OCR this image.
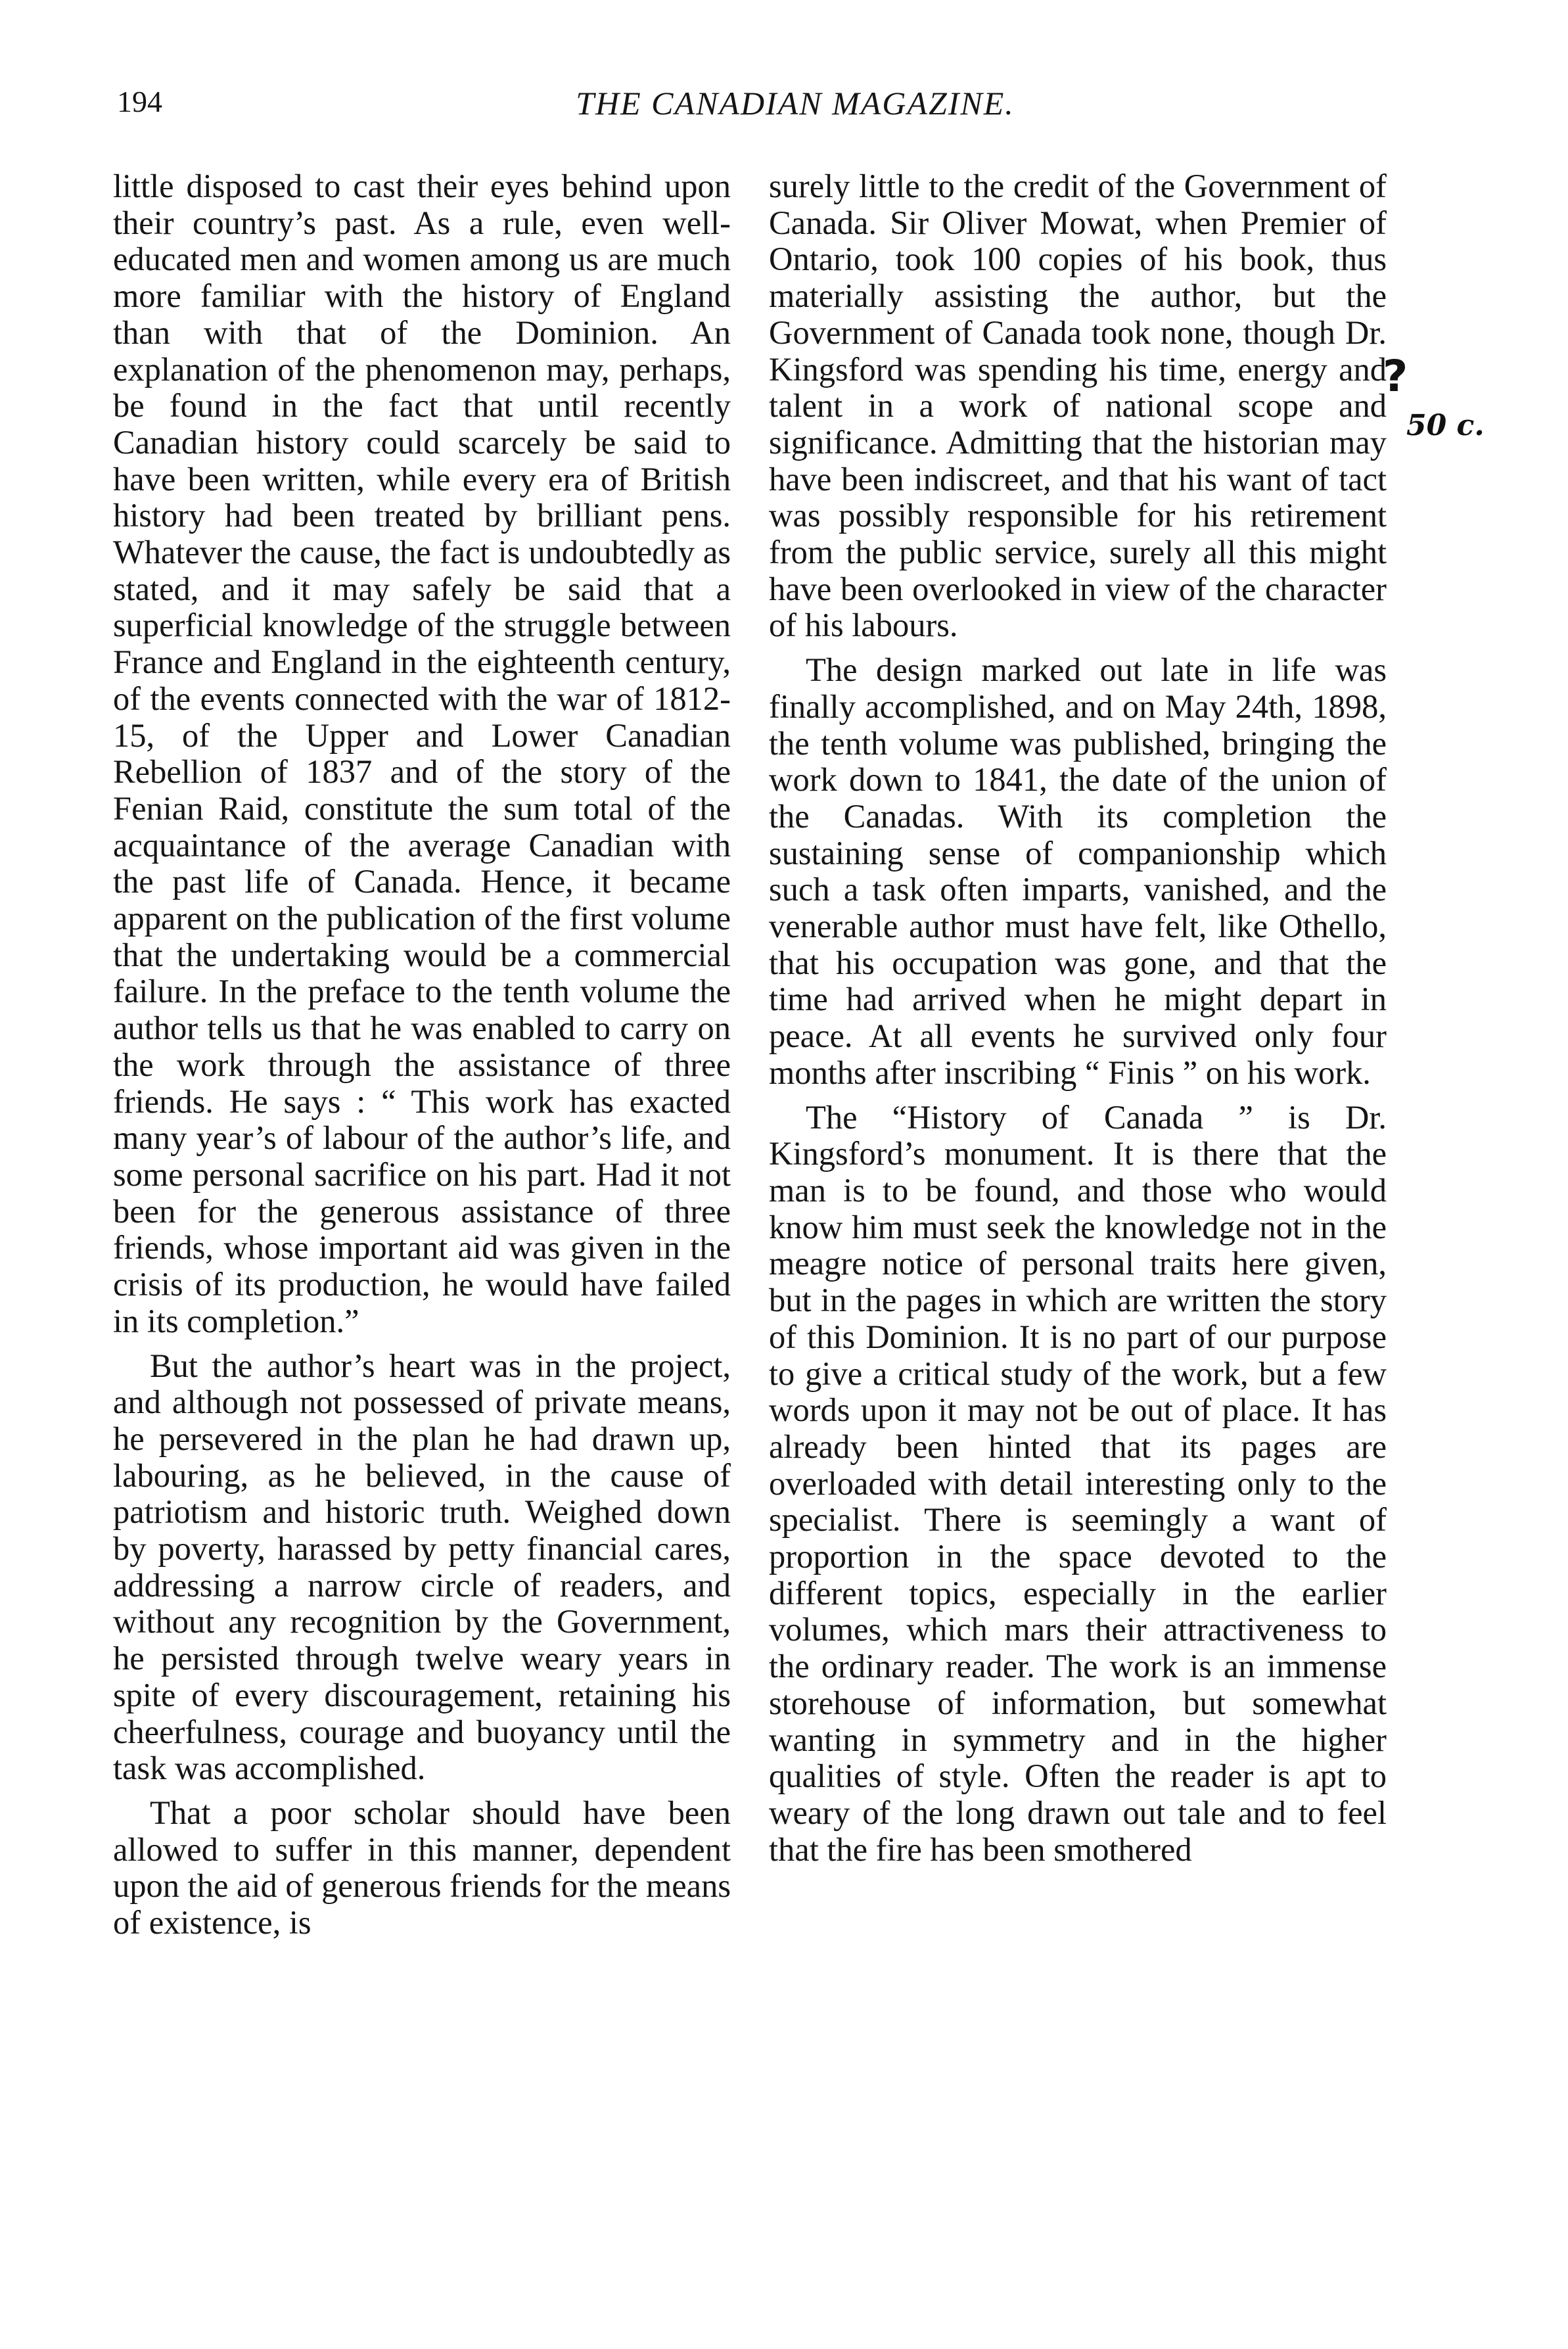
194	THE CANADIAN MAGAZINE.

little disposed to cast their eyes behind upon their country’s past. As a rule, even well-educated men and women among us are much more familiar with the history of England than with that of the Dominion. An explanation of the phenomenon may, perhaps, be found in the fact that until recently Canadian history could scarcely be said to have been written, while every era of British history had been treated by brilliant pens. Whatever the cause, the fact is undoubtedly as stated, and it may safely be said that a superficial knowledge of the struggle between France and England in the eighteenth century, of the events connected with the war of 1812-15, of the Upper and Lower Canadian Rebellion of 1837 and of the story of the Fenian Raid, constitute the sum total of the acquaintance of the average Canadian with the past life of Canada. Hence, it became apparent on the publication of the first volume that the undertaking would be a commercial failure. In the preface to the tenth volume the author tells us that he was enabled to carry on the work through the assistance of three friends. He says : “ This work has exacted many year’s of labour of the author’s life, and some personal sacrifice on his part. Had it not been for the generous assistance of three friends, whose important aid was given in the crisis of its production, he would have failed in its completion.”

But the author’s heart was in the project, and although not possessed of private means, he persevered in the plan he had drawn up, labouring, as he believed, in the cause of patriotism and historic truth. Weighed down by poverty, harassed by petty financial cares, addressing a narrow circle of readers, and without any recognition by the Government, he persisted through twelve weary years in spite of every discouragement, retaining his cheerfulness, courage and buoyancy until the task was accomplished.

That a poor scholar should have been allowed to suffer in this manner, dependent upon the aid of generous friends for the means of existence, is

surely little to the credit of the Government of Canada. Sir Oliver Mowat, when Premier of Ontario, took 100 copies of his book, thus materially assisting the author, but the Government of Canada took none, though Dr. Kingsford was spending his time, energy and talent in a work of national scope and significance. Admitting that the historian may have been indiscreet, and that his want of tact was possibly responsible for his retirement from the public service, surely all this might have been overlooked in view of the character of his labours.

The design marked out late in life was finally accomplished, and on May 24th, 1898, the tenth volume was published, bringing the work down to 1841, the date of the union of the Canadas. With its completion the sustaining sense of companionship which such a task often imparts, vanished, and the venerable author must have felt, like Othello, that his occupation was gone, and that the time had arrived when he might depart in peace. At all events he survived only four months after inscribing “ Finis ” on his work.

The “History of Canada ” is Dr. Kingsford’s monument. It is there that the man is to be found, and those who would know him must seek the knowledge not in the meagre notice of personal traits here given, but in the pages in which are written the story of this Dominion. It is no part of our purpose to give a critical study of the work, but a few words upon it may not be out of place. It has already been hinted that its pages are overloaded with detail interesting only to the specialist. There is seemingly a want of proportion in the space devoted to the different topics, especially in the earlier volumes, which mars their attractiveness to the ordinary reader. The work is an immense storehouse of information, but somewhat wanting in symmetry and in the higher qualities of style. Often the reader is apt to weary of the long drawn out tale and to feel that the fire has been smothered

?
50 c.
